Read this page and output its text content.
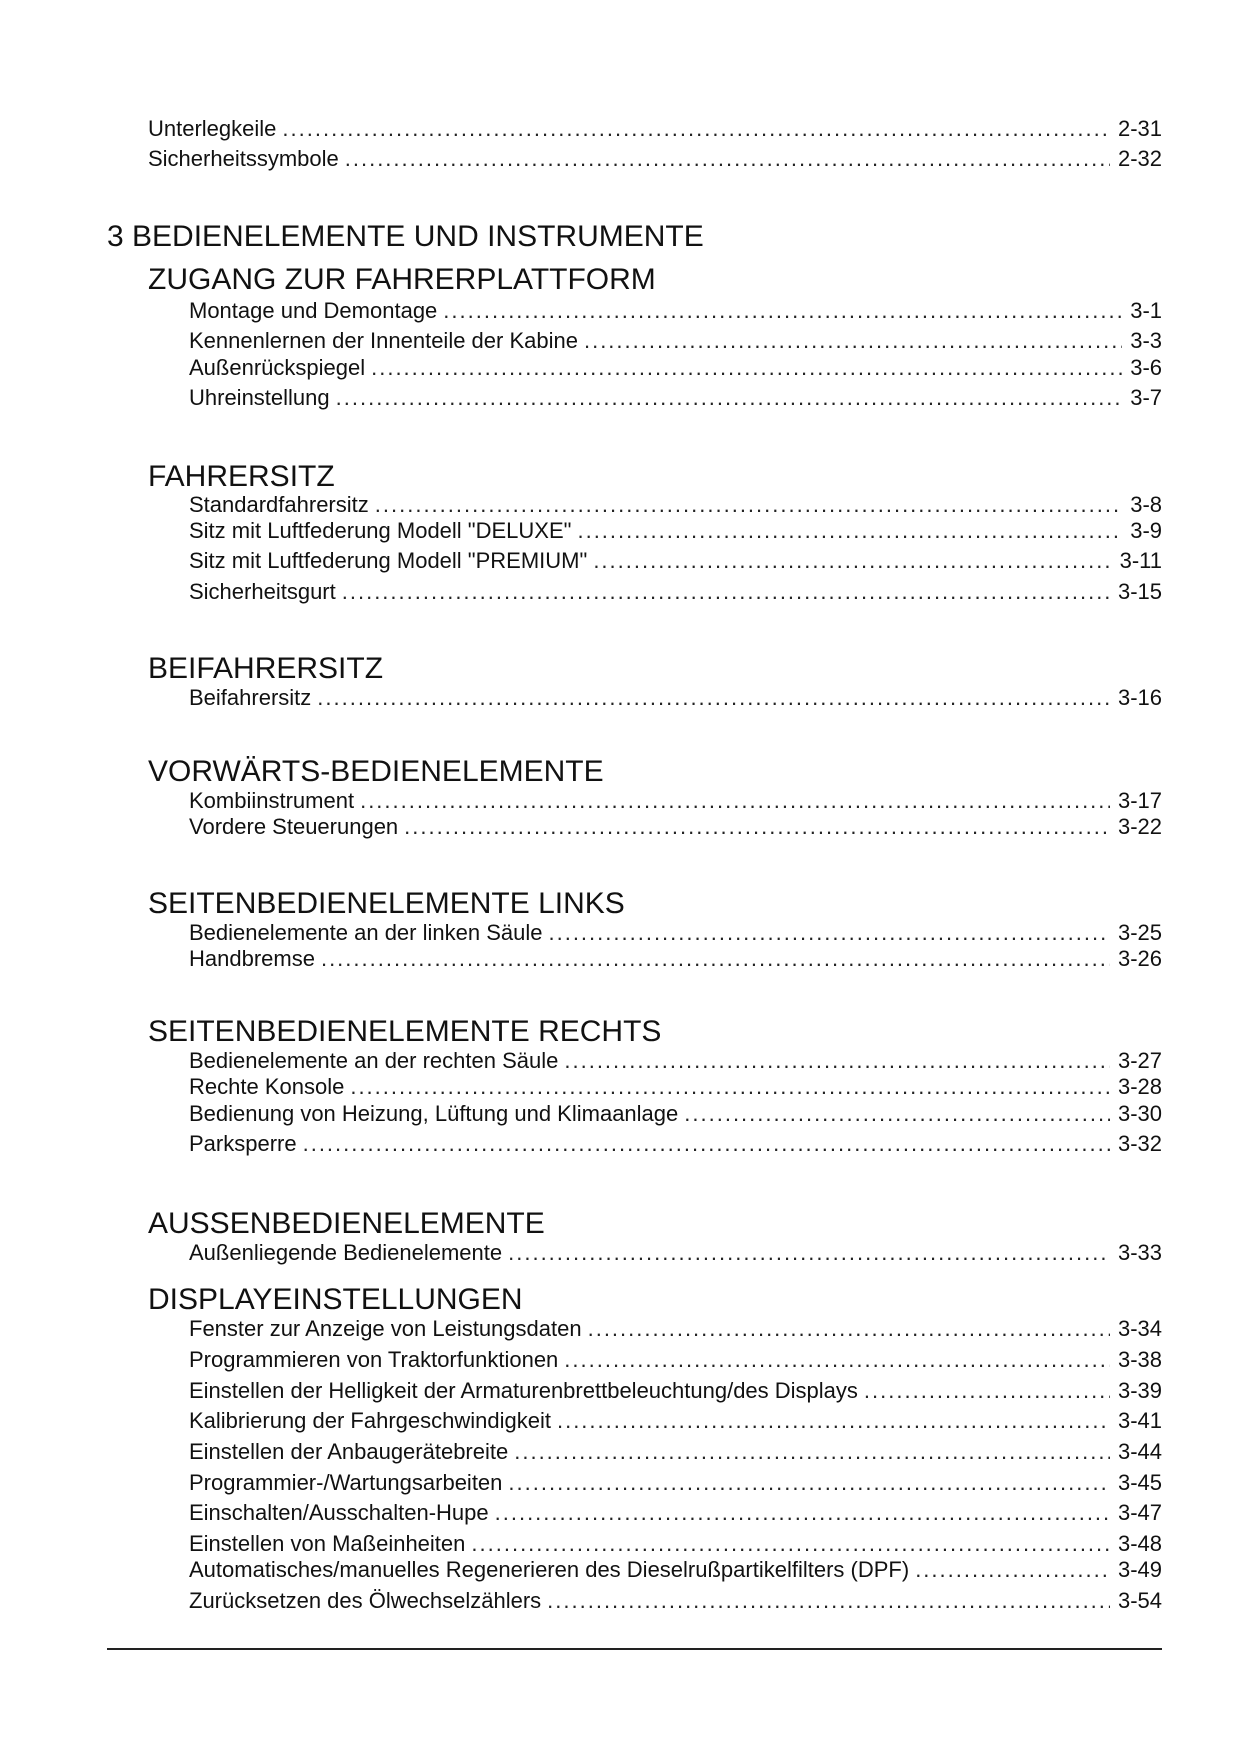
Unterlegkeile .....	2-31
Sicherheitssymbole .....	2-32
3 BEDIENELEMENTE UND INSTRUMENTE
ZUGANG ZUR FAHRERPLATTFORM
Montage und Demontage .....	3-1
Kennenlernen der Innenteile der Kabine .....	3-3
Außenrückspiegel .....	3-6
Uhreinstellung .....	3-7
FAHRERSITZ
Standardfahrersitz .....	3-8
Sitz mit Luftfederung Modell "DELUXE" .....	3-9
Sitz mit Luftfederung Modell "PREMIUM" .....	3-11
Sicherheitsgurt .....	3-15
BEIFAHRERSITZ
Beifahrersitz .....	3-16
VORWÄRTS-BEDIENELEMENTE
Kombiinstrument .....	3-17
Vordere Steuerungen .....	3-22
SEITENBEDIENELEMENTE LINKS
Bedienelemente an der linken Säule .....	3-25
Handbremse .....	3-26
SEITENBEDIENELEMENTE RECHTS
Bedienelemente an der rechten Säule .....	3-27
Rechte Konsole .....	3-28
Bedienung von Heizung, Lüftung und Klimaanlage .....	3-30
Parksperre .....	3-32
AUSSENBEDIENELEMENTE
Außenliegende Bedienelemente .....	3-33
DISPLAYEINSTELLUNGEN
Fenster zur Anzeige von Leistungsdaten .....	3-34
Programmieren von Traktorfunktionen .....	3-38
Einstellen der Helligkeit der Armaturenbrettbeleuchtung/des Displays .....	3-39
Kalibrierung der Fahrgeschwindigkeit .....	3-41
Einstellen der Anbaugerätebreite .....	3-44
Programmier-/Wartungsarbeiten .....	3-45
Einschalten/Ausschalten-Hupe .....	3-47
Einstellen von Maßeinheiten .....	3-48
Automatisches/manuelles Regenerieren des Dieselrußpartikelfilters (DPF) .....	3-49
Zurücksetzen des Ölwechselzählers .....	3-54
